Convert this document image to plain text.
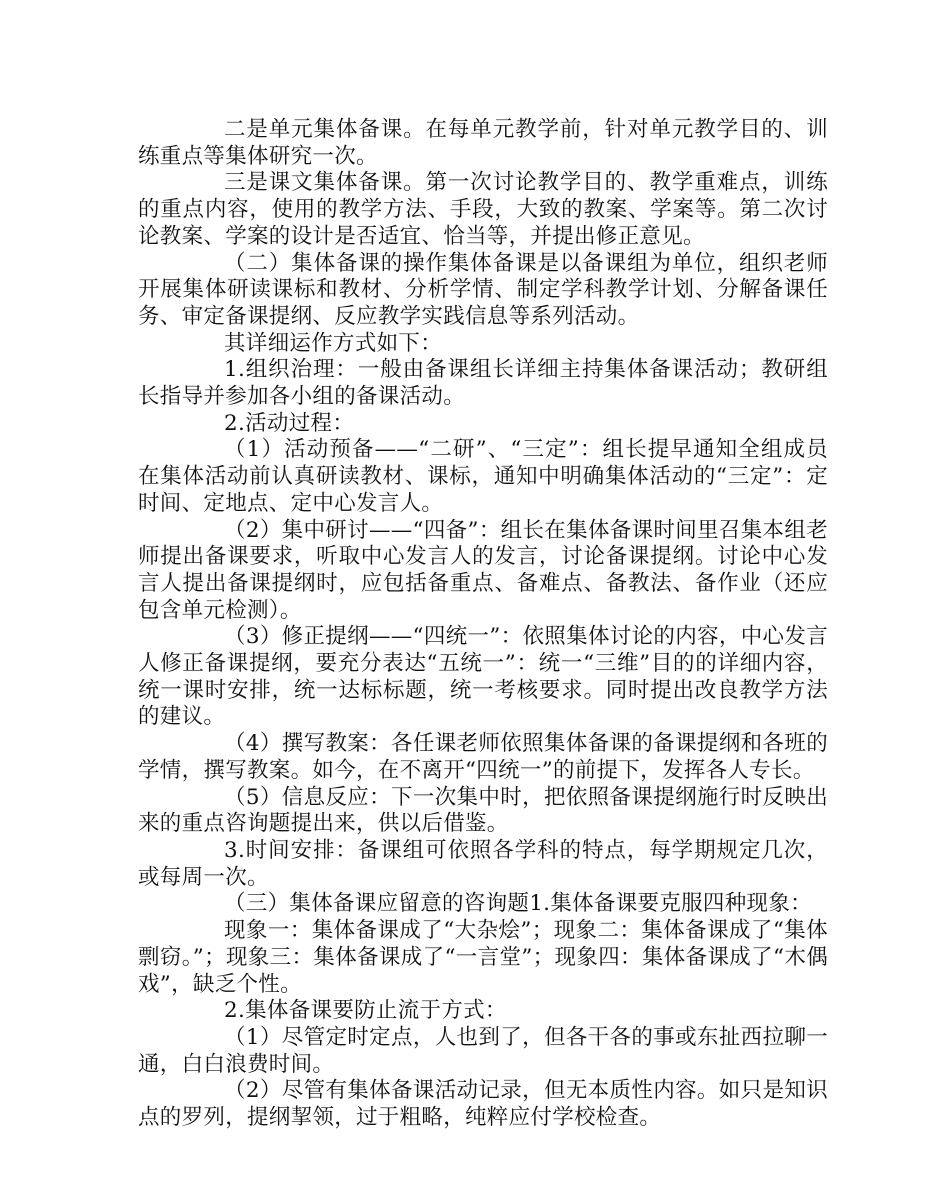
二是单元集体备课。在每单元教学前，针对单元教学目的、训练重点等集体研究一次。

三是课文集体备课。第一次讨论教学目的、教学重难点，训练的重点内容，使用的教学方法、手段，大致的教案、学案等。第二次讨论教案、学案的设计是否适宜、恰当等，并提出修正意见。

（二）集体备课的操作集体备课是以备课组为单位，组织老师开展集体研读课标和教材、分析学情、制定学科教学计划、分解备课任务、审定备课提纲、反应教学实践信息等系列活动。

其详细运作方式如下：

1.组织治理：一般由备课组长详细主持集体备课活动；教研组长指导并参加各小组的备课活动。

2.活动过程：

（1）活动预备——“二研”、“三定”：组长提早通知全组成员在集体活动前认真研读教材、课标，通知中明确集体活动的“三定”：定时间、定地点、定中心发言人。

（2）集中研讨——“四备”：组长在集体备课时间里召集本组老师提出备课要求，听取中心发言人的发言，讨论备课提纲。讨论中心发言人提出备课提纲时，应包括备重点、备难点、备教法、备作业（还应包含单元检测）。

（3）修正提纲——“四统一”：依照集体讨论的内容，中心发言人修正备课提纲，要充分表达“五统一”：统一“三维”目的的详细内容，统一课时安排，统一达标标题，统一考核要求。同时提出改良教学方法的建议。

（4）撰写教案：各任课老师依照集体备课的备课提纲和各班的学情，撰写教案。如今，在不离开“四统一”的前提下，发挥各人专长。

（5）信息反应：下一次集中时，把依照备课提纲施行时反映出来的重点咨询题提出来，供以后借鉴。

3.时间安排：备课组可依照各学科的特点，每学期规定几次，或每周一次。

（三）集体备课应留意的咨询题1.集体备课要克服四种现象：

现象一：集体备课成了“大杂烩”；现象二：集体备课成了“集体剽窃。”；现象三：集体备课成了“一言堂”；现象四：集体备课成了“木偶戏”，缺乏个性。

2.集体备课要防止流于方式：

（1）尽管定时定点，人也到了，但各干各的事或东扯西拉聊一通，白白浪费时间。

（2）尽管有集体备课活动记录，但无本质性内容。如只是知识点的罗列，提纲挈领，过于粗略，纯粹应付学校检查。
